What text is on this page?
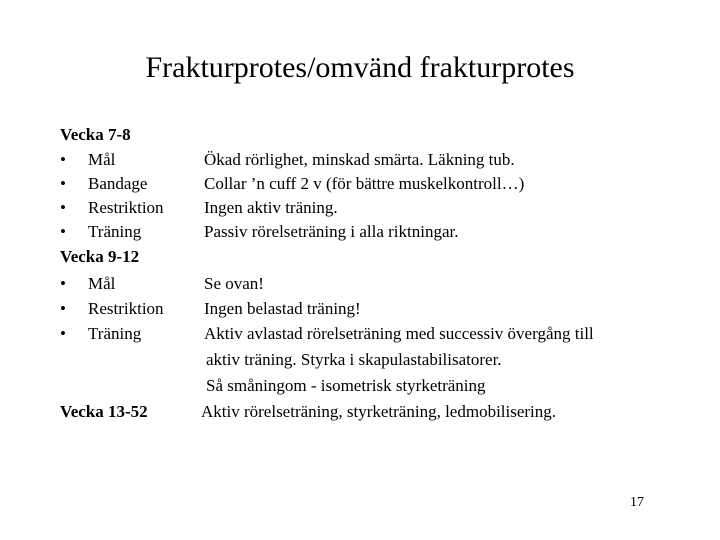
Frakturprotes/omvänd frakturprotes
Vecka 7-8
• Mål	Ökad rörlighet, minskad smärta. Läkning tub.
• Bandage	Collar ’n cuff 2 v (för bättre muskelkontroll…)
• Restriktion Ingen aktiv träning.
• Träning	Passiv rörelseträning i alla riktningar.
Vecka 9-12
• Mål	Se ovan!
• Restriktion Ingen belastad träning!
• Träning	Aktiv avlastad rörelseträning med successiv övergång till
aktiv träning. Styrka i skapulastabilisatorer.
Så småningom - isometrisk styrketräning
Vecka 13-52	Aktiv rörelseträning, styrketräning, ledmobilisering.
17
